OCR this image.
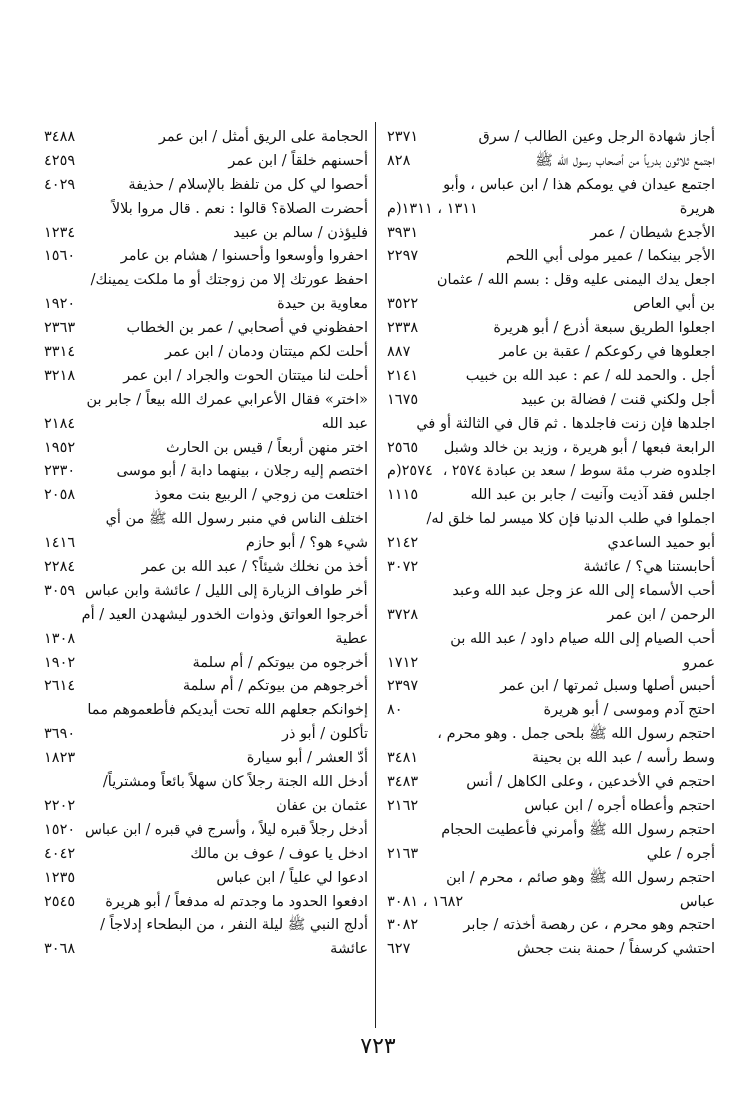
أجاز شهادة الرجل وعين الطالب / سرق
٢٣٧١
اجتمع ثلاثون بدرياً من أصحاب رسول الله ﷺ
٨٢٨
اجتمع عيدان في يومكم هذا / ابن عباس ، وأبو
هريرة
١٣١١ ، ١٣١١(م
الأجدع شيطان / عمر
٣٩٣١
الأجر بينكما / عمير مولى أبي اللحم
٢٢٩٧
اجعل يدك اليمنى عليه وقل : بسم الله / عثمان
بن أبي العاص
٣٥٢٢
اجعلوا الطريق سبعة أذرع / أبو هريرة
٢٣٣٨
اجعلوها في ركوعكم / عقبة بن عامر
٨٨٧
أجل . والحمد لله / عم : عبد الله بن خبيب
٢١٤١
أجل ولكني قنت / فضالة بن عبيد
١٦٧٥
اجلدها فإن زنت فاجلدها . ثم قال في الثالثة أو في
الرابعة فبعها / أبو هريرة ، وزيد بن خالد وشبل
٢٥٦٥
اجلدوه ضرب مئة سوط / سعد بن عبادة ٢٥٧٤ ،
٢٥٧٤(م
اجلس فقد آذيت وآنيت / جابر بن عبد الله
١١١٥
اجملوا في طلب الدنيا فإن كلا ميسر لما خلق له/
أبو حميد الساعدي
٢١٤٢
أحابستنا هي؟ / عائشة
٣٠٧٢
أحب الأسماء إلى الله عز وجل عبد الله وعبد
الرحمن / ابن عمر
٣٧٢٨
أحب الصيام إلى الله صيام داود / عبد الله بن
عمرو
١٧١٢
أحبس أصلها وسبل ثمرتها / ابن عمر
٢٣٩٧
احتج آدم وموسى / أبو هريرة
٨٠
احتجم رسول الله ﷺ بلحى جمل . وهو محرم ،
وسط رأسه / عبد الله بن بحينة
٣٤٨١
احتجم في الأخدعين ، وعلى الكاهل / أنس
٣٤٨٣
احتجم وأعطاه أجره / ابن عباس
٢١٦٢
احتجم رسول الله ﷺ وأمرني فأعطيت الحجام
أجره / علي
٢١٦٣
احتجم رسول الله ﷺ وهو صائم ، محرم / ابن
عباس
١٦٨٢ ، ٣٠٨١
احتجم وهو محرم ، عن رهصة أخذته / جابر
٣٠٨٢
احتشي كرسفاً / حمنة بنت جحش
٦٢٧
الحجامة على الريق أمثل / ابن عمر
٣٤٨٨
أحسنهم خلقاً / ابن عمر
٤٢٥٩
أحصوا لي كل من تلفظ بالإسلام / حذيفة
٤٠٢٩
أحضرت الصلاة؟ قالوا : نعم . قال مروا بلالاً
فليؤذن / سالم بن عبيد
١٢٣٤
احفروا وأوسعوا وأحسنوا / هشام بن عامر
١٥٦٠
احفظ عورتك إلا من زوجتك أو ما ملكت يمينك/
معاوية بن حيدة
١٩٢٠
احفظوني في أصحابي / عمر بن الخطاب
٢٣٦٣
أحلت لكم ميتتان ودمان / ابن عمر
٣٣١٤
أحلت لنا ميتتان الحوت والجراد / ابن عمر
٣٢١٨
«اختر» فقال الأعرابي عمرك الله بيعاً / جابر بن
عبد الله
٢١٨٤
اختر منهن أربعاً / قيس بن الحارث
١٩٥٢
اختصم إليه رجلان ، بينهما دابة / أبو موسى
٢٣٣٠
اختلعت من زوجي / الربيع بنت معوذ
٢٠٥٨
اختلف الناس في منبر رسول الله ﷺ من أي
شيء هو؟ / أبو حازم
١٤١٦
أخذ من نخلك شيئاً؟ / عبد الله بن عمر
٢٢٨٤
أخر طواف الزيارة إلى الليل / عائشة وابن عباس
٣٠٥٩
أخرجوا العواتق وذوات الخدور ليشهدن العيد / أم
عطية
١٣٠٨
أخرجوه من بيوتكم / أم سلمة
١٩٠٢
أخرجوهم من بيوتكم / أم سلمة
٢٦١٤
إخوانكم جعلهم الله تحت أيديكم فأطعموهم مما
تأكلون / أبو ذر
٣٦٩٠
أدّ العشر / أبو سيارة
١٨٢٣
أدخل الله الجنة رجلاً كان سهلاً بائعاً ومشترياً/
عثمان بن عفان
٢٢٠٢
أدخل رجلاً قبره ليلاً ، وأسرج في قبره / ابن عباس
١٥٢٠
ادخل يا عوف / عوف بن مالك
٤٠٤٢
ادعوا لي علياً / ابن عباس
١٢٣٥
ادفعوا الحدود ما وجدتم له مدفعاً / أبو هريرة
٢٥٤٥
أدلج النبي ﷺ ليلة النفر ، من البطحاء إدلاجاً /
عائشة
٣٠٦٨
٧٢٣
